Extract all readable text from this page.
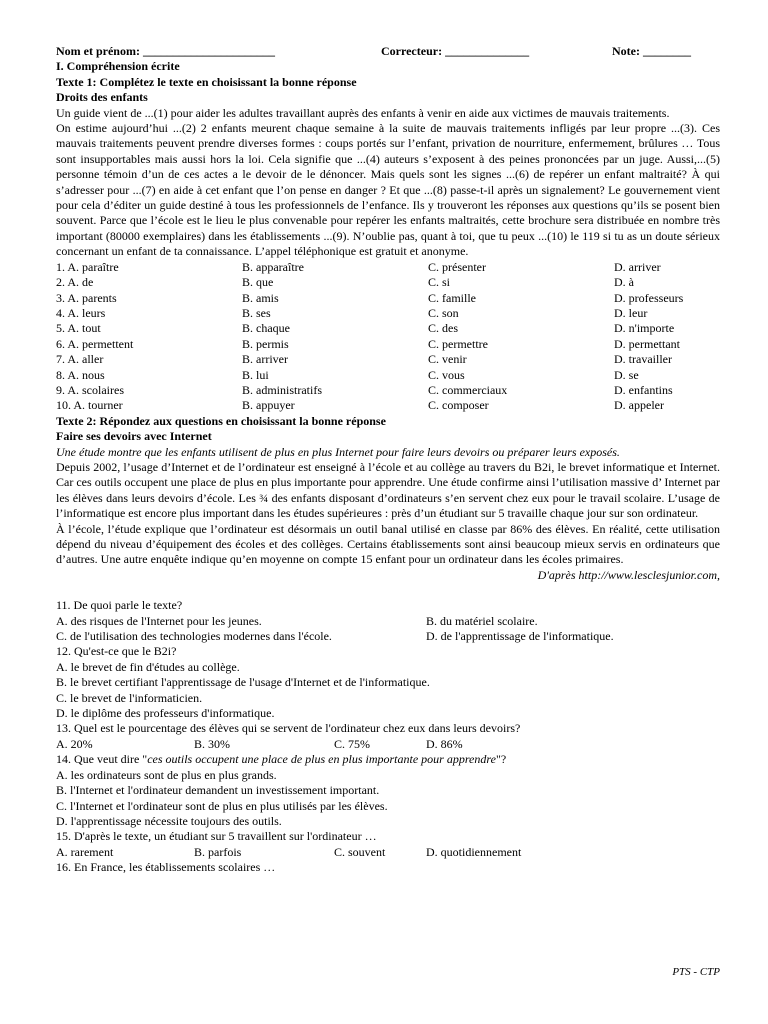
Nom et prénom: ______________________	Correcteur: ______________	Note: ________
I. Compréhension écrite
Texte 1: Complétez le texte en choisissant la bonne réponse
Droits des enfants
Un guide vient de ...(1) pour aider les adultes travaillant auprès des enfants à venir en aide aux victimes de mauvais traitements.
On estime aujourd’hui ...(2) 2 enfants meurent chaque semaine à la suite de mauvais traitements infligés par leur propre ...(3). Ces mauvais traitements peuvent prendre diverses formes : coups portés sur l’enfant, privation de nourriture, enfermement, brûlures … Tous sont insupportables mais aussi hors la loi. Cela signifie que ...(4) auteurs s’exposent à des peines prononcées par un juge. Aussi,...(5) personne témoin d’un de ces actes a le devoir de le dénoncer. Mais quels sont les signes ...(6) de repérer un enfant maltraité? À qui s’adresser pour ...(7) en aide à cet enfant que l’on pense en danger ? Et que ...(8) passe-t-il après un signalement? Le gouvernement vient pour cela d’éditer un guide destiné à tous les professionnels de l’enfance. Ils y trouveront les réponses aux questions qu’ils se posent bien souvent. Parce que l’école est le lieu le plus convenable pour repérer les enfants maltraités, cette brochure sera distribuée en nombre très important (80000 exemplaires) dans les établissements ...(9). N’oublie pas, quant à toi, que tu peux ...(10) le 119 si tu as un doute sérieux concernant un enfant de ta connaissance. L’appel téléphonique est gratuit et anonyme.
1. A. paraître	B. apparaître	C. présenter	D. arriver
2. A. de	B. que	C. si	D. à
3. A. parents	B. amis	C. famille	D. professeurs
4. A. leurs	B. ses	C. son	D. leur
5. A. tout	B. chaque	C. des	D. n'importe
6. A. permettent	B. permis	C. permettre	D. permettant
7. A. aller	B. arriver	C. venir	D. travailler
8. A. nous	B. lui	C. vous	D. se
9. A. scolaires	B. administratifs	C. commerciaux	D. enfantins
10. A. tourner	B. appuyer	C. composer	D. appeler
Texte 2: Répondez aux questions en choisissant la bonne réponse
Faire ses devoirs avec Internet
Une étude montre que les enfants utilisent de plus en plus Internet pour faire leurs devoirs ou préparer leurs exposés.
Depuis 2002, l’usage d’Internet et de l’ordinateur est enseigné à l’école et au collège au travers du B2i, le brevet informatique et Internet. Car ces outils occupent une place de plus en plus importante pour apprendre. Une étude confirme ainsi l’utilisation massive d’ Internet par les élèves dans leurs devoirs d’école. Les ¾ des enfants disposant d’ordinateurs s’en servent chez eux pour le travail scolaire. L’usage de l’informatique est encore plus important dans les études supérieures : près d’un étudiant sur 5 travaille chaque jour sur son ordinateur.
À l’école, l’étude explique que l’ordinateur est désormais un outil banal utilisé en classe par 86% des élèves. En réalité, cette utilisation dépend du niveau d’équipement des écoles et des collèges. Certains établissements sont ainsi beaucoup mieux servis en ordinateurs que d’autres. Une autre enquête indique qu’en moyenne on compte 15 enfant pour un ordinateur dans les écoles primaires.
D'après http://www.lesclesjunior.com,
11. De quoi parle le texte?
A. des risques de l'Internet pour les jeunes.	B. du matériel scolaire.
C. de l'utilisation des technologies modernes dans l'école.	D. de l'apprentissage de l'informatique.
12. Qu'est-ce que le B2i?
A. le brevet de fin d'études au collège.
B. le brevet certifiant l'apprentissage de l'usage d'Internet et de l'informatique.
C. le brevet de l'informaticien.
D. le diplôme des professeurs d'informatique.
13. Quel est le pourcentage des élèves qui se servent de l'ordinateur chez eux dans leurs devoirs?
A. 20%	B. 30%	C. 75%	D. 86%
14. Que veut dire "ces outils occupent une place de plus en plus importante pour apprendre"?
A. les ordinateurs sont de plus en plus grands.
B. l'Internet et l'ordinateur demandent un investissement important.
C. l'Internet et l'ordinateur sont de plus en plus utilisés par les élèves.
D. l'apprentissage nécessite toujours des outils.
15. D'après le texte, un étudiant sur 5 travaillent sur l'ordinateur …
A. rarement	B. parfois	C. souvent	D. quotidiennement
16. En France, les établissements scolaires …
PTS - CTP
